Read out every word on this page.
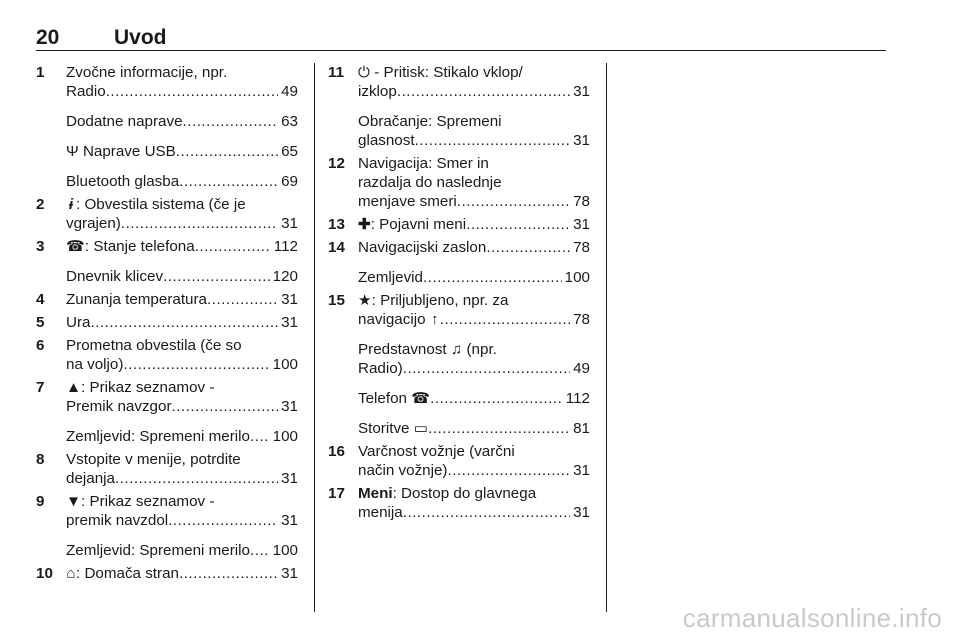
20	Uvod
1 Zvočne informacije, npr.
Radio .....	49
Dodatne naprave .....	63
Ψ Naprave USB .....	65
Bluetooth glasba .....	69
2 ɨ : Obvestila sistema (če je
vgrajen) .....	31
3 ☎: Stanje telefona .....	112
Dnevnik klicev .....	120
4 Zunanja temperatura .....	31
5 Ura .....	31
6 Prometna obvestila (če so
na voljo) .....	100
7 ▲: Prikaz seznamov -
Premik navzgor .....	31
Zemljevid: Spremeni merilo ..... 100
8 Vstopite v menije, potrdite
dejanja .....	31
9 ▼: Prikaz seznamov -
premik navzdol .....	31
Zemljevid: Spremeni merilo ..... 100
10 ⌂: Domača stran .....	31
11 ⏻ - Pritisk: Stikalo vklop/
izklop .....	31
Obračanje: Spremeni
glasnost .....	31
12 Navigacija: Smer in
razdalja do naslednje
menjave smeri .....	78
13 ✚: Pojavni meni .....	31
14 Navigacijski zaslon .....	78
Zemljevid .....	100
15 ★: Priljubljeno, npr. za
navigacijo ↑ .....	78
Predstavnost ♫ (npr.
Radio) .....	49
Telefon ☎ .....	112
Storitve ▭ .....	81
16 Varčnost vožnje (varčni
način vožnje) .....	31
17 Meni: Dostop do glavnega
menija .....	31
carmanualsonline.info
